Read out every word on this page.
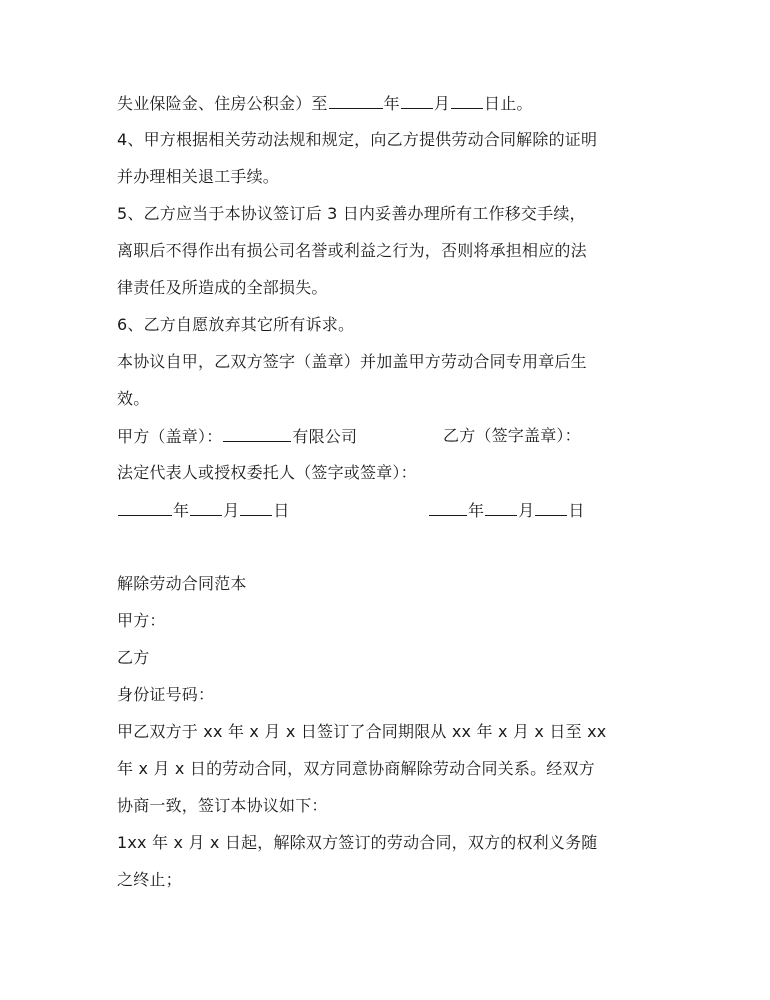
失业保险金、住房公积金）至	年 月 日止。
4、甲方根据相关劳动法规和规定，向乙方提供劳动合同解除的证明
并办理相关退工手续。
5、乙方应当于本协议签订后 3 日内妥善办理所有工作移交手续，
离职后不得作出有损公司名誉或利益之行为，否则将承担相应的法
律责任及所造成的全部损失。
6、乙方自愿放弃其它所有诉求。
本协议自甲，乙双方签字（盖章）并加盖甲方劳动合同专用章后生
效。
甲方（盖章）：	有限公司	乙方（签字盖章）：
法定代表人或授权委托人（签字或签章）：
年 月 日	年 月 日
解除劳动合同范本
甲方：
乙方
身份证号码：
甲乙双方于 xx 年 x 月 x 日签订了合同期限从 xx 年 x 月 x 日至 xx
年 x 月 x 日的劳动合同，双方同意协商解除劳动合同关系。经双方
协商一致，签订本协议如下：
1xx 年 x 月 x 日起，解除双方签订的劳动合同，双方的权利义务随
之终止；
